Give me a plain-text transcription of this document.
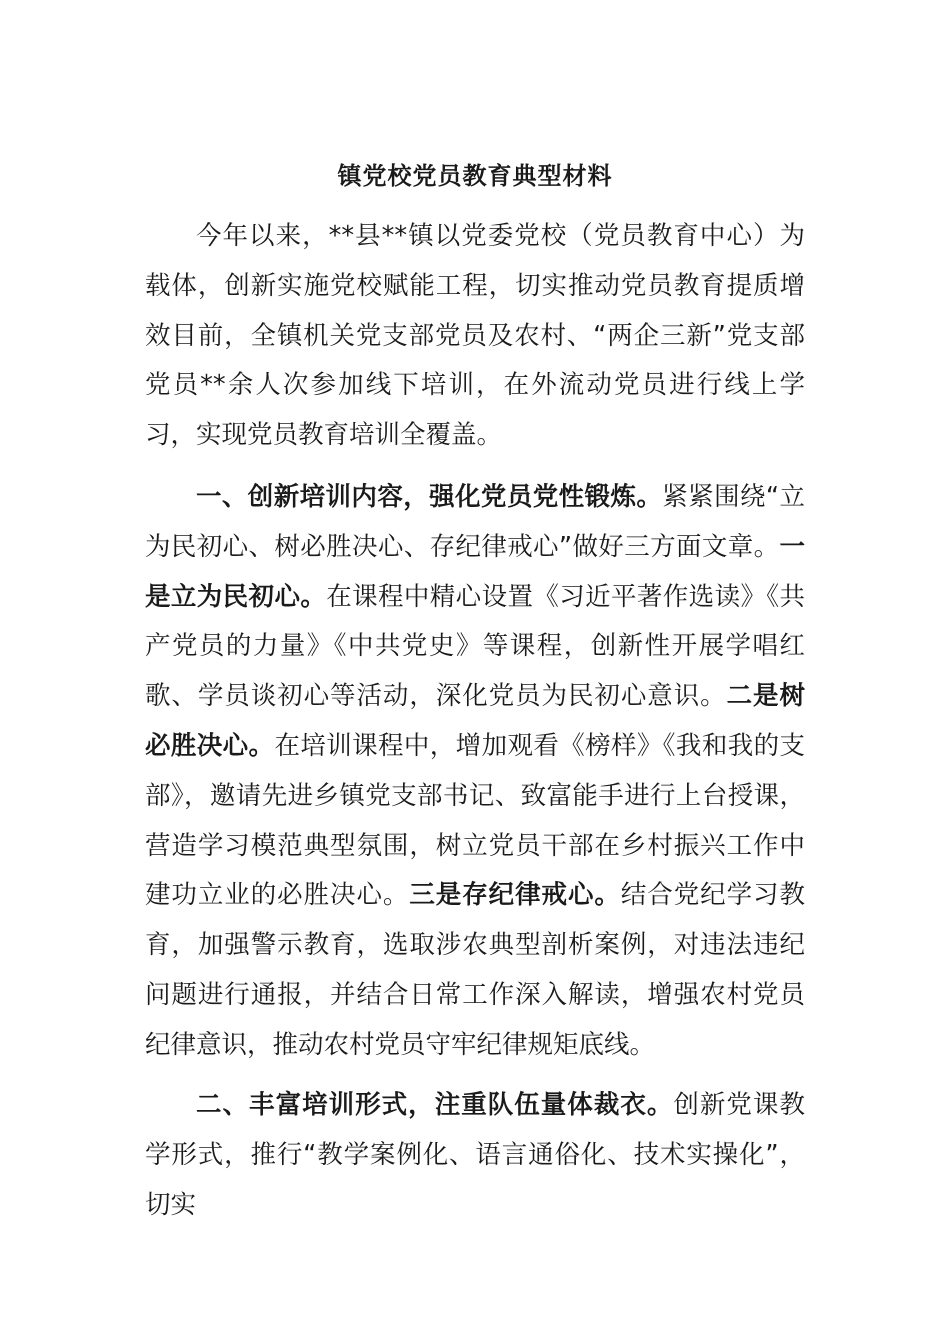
镇党校党员教育典型材料

今年以来，**县**镇以党委党校（党员教育中心）为载体，创新实施党校赋能工程，切实推动党员教育提质增效目前，全镇机关党支部党员及农村、“两企三新”党支部党员**余人次参加线下培训，在外流动党员进行线上学习，实现党员教育培训全覆盖。

一、创新培训内容，强化党员党性锻炼。紧紧围绕“立为民初心、树必胜决心、存纪律戒心”做好三方面文章。一是立为民初心。在课程中精心设置《习近平著作选读》《共产党员的力量》《中共党史》等课程，创新性开展学唱红歌、学员谈初心等活动，深化党员为民初心意识。二是树必胜决心。在培训课程中，增加观看《榜样》《我和我的支部》，邀请先进乡镇党支部书记、致富能手进行上台授课，营造学习模范典型氛围，树立党员干部在乡村振兴工作中建功立业的必胜决心。三是存纪律戒心。结合党纪学习教育，加强警示教育，选取涉农典型剖析案例，对违法违纪问题进行通报，并结合日常工作深入解读，增强农村党员纪律意识，推动农村党员守牢纪律规矩底线。

二、丰富培训形式，注重队伍量体裁衣。创新党课教学形式，推行“教学案例化、语言通俗化、技术实操化”，切实
